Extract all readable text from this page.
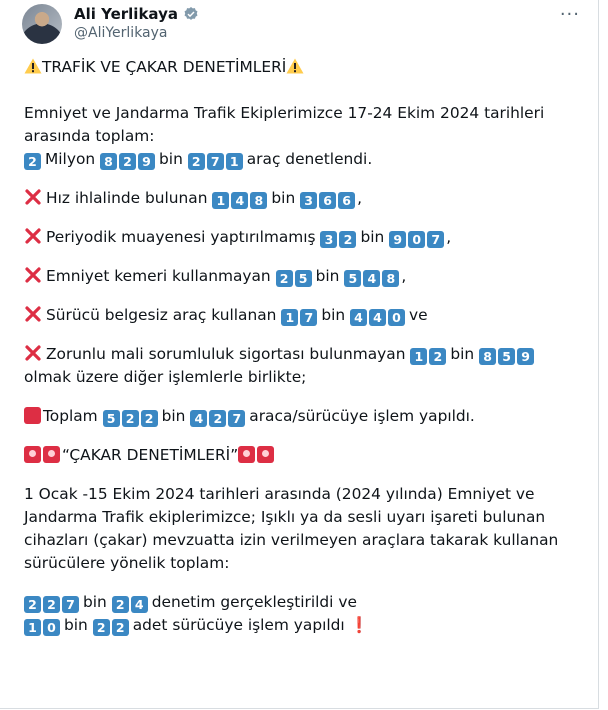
Ali Yerlikaya
@AliYerlikaya
···
TRAFİK VE ÇAKAR DENETİMLERİ
Emniyet ve Jandarma Trafik Ekiplerimizce 17-24 Ekim 2024 tarihleri
arasında toplam:
2 Milyon 8 2 9 bin 2 7 1 araç denetlendi.
Hız ihlalinde bulunan 1 4 8 bin 3 6 6 ,
Periyodik muayenesi yaptırılmamış 3 2 bin 9 0 7 ,
Emniyet kemeri kullanmayan 2 5 bin 5 4 8 ,
Sürücü belgesiz araç kullanan 1 7 bin 4 4 0 ve
Zorunlu mali sorumluluk sigortası bulunmayan 1 2 bin 8 5 9
olmak üzere diğer işlemlerle birlikte;
Toplam 5 2 2 bin 4 2 7 araca/sürücüye işlem yapıldı.
“ÇAKAR DENETİMLERİ”
1 Ocak -15 Ekim 2024 tarihleri arasında (2024 yılında) Emniyet ve
Jandarma Trafik ekiplerimizce; Işıklı ya da sesli uyarı işareti bulunan
cihazları (çakar) mevzuatta izin verilmeyen araçlara takarak kullanan
sürücülere yönelik toplam:
2 2 7 bin 2 4 denetim gerçekleştirildi ve
1 0 bin 2 2 adet sürücüye işlem yapıldı ❗
